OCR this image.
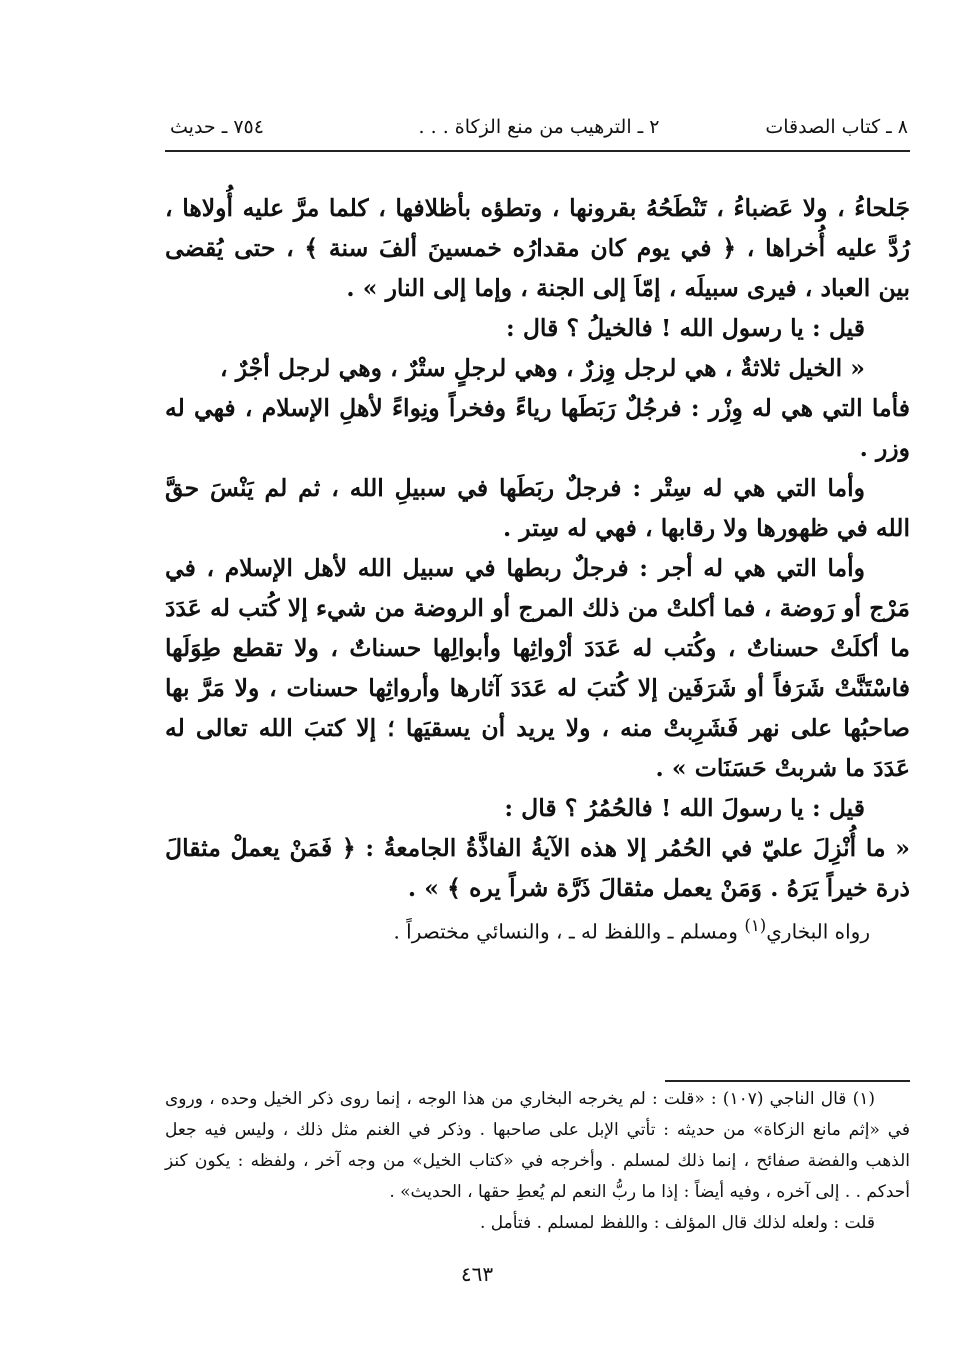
٨ ـ كتاب الصدقات
٢ ـ الترهيب من منع الزكاة . . .
٧٥٤ ـ حديث

جَلحاءُ ، ولا عَضباءُ ، تَنْطَحُهُ بقرونها ، وتطؤه بأظلافها ، كلما مرَّ عليه أُولاها ، رُدَّ عليه أُخراها ، ﴿ في يوم كان مقدارُه خمسينَ ألفَ سنة ﴾ ، حتى يُقضى بين العباد ، فيرى سبيلَه ، إمّاَ إلى الجنة ، وإما إلى النار » .

قيل : يا رسول الله ! فالخيلُ ؟ قال :

« الخيل ثلاثةٌ ، هي لرجل وِزرٌ ، وهي لرجلٍ ستْرٌ ، وهي لرجل أجْرٌ ،

فأما التي هي له وِزْر : فرجُلٌ رَبَطَها رياءً وفخراً ونِواءً لأهلِ الإسلام ، فهي له وزر .

وأما التي هي له سِتْر : فرجلٌ ربَطَها في سبيلِ الله ، ثم لم يَنْسَ حقَّ الله في ظهورها ولا رقابها ، فهي له سِتر .

وأما التي هي له أجر : فرجلٌ ربطها في سبيل الله لأهل الإسلام ، في مَرْج أو رَوضة ، فما أكلتْ من ذلك المرج أو الروضة من شيء إلا كُتب له عَدَدَ ما أكلَتْ حسناتٌ ، وكُتب له عَدَدَ أرْواثِها وأبوالِها حسناتٌ ، ولا تقطع طِوَلَها فاسْتَنَّتْ شَرَفاً أو شَرَفَين إلا كُتبَ له عَدَدَ آثارها وأرواثِها حسنات ، ولا مَرَّ بها صاحبُها على نهر فَشَرِبتْ منه ، ولا يريد أن يسقيَها ؛ إلا كتبَ الله تعالى له عَدَدَ ما شربتْ حَسَنَات » .

قيل : يا رسولَ الله ! فالحُمُرُ ؟ قال :

« ما أُنْزِلَ عليّ في الحُمُر إلا هذه الآيةُ الفاذَّةُ الجامعةُ : ﴿ فَمَنْ يعملْ مثقالَ ذرة خيراً يَرَهُ . وَمَنْ يعمل مثقالَ ذَرَّة شراً يره ﴾ » .

رواه البخاري$^{(١)}$ ومسلم ـ واللفظ له ـ ، والنسائي مختصراً .

(١) قال الناجي (١٠٧) : «قلت : لم يخرجه البخاري من هذا الوجه ، إنما روى ذكر الخيل وحده ، وروى في «إثم مانع الزكاة» من حديثه : تأتي الإبل على صاحبها . وذكر في الغنم مثل ذلك ، وليس فيه جعل الذهب والفضة صفائح ، إنما ذلك لمسلم . وأخرجه في «كتاب الخيل» من وجه آخر ، ولفظه : يكون كنز أحدكم . . إلى آخره ، وفيه أيضاً : إذا ما ربُّ النعم لم يُعطِ حقها ، الحديث» .

قلت : ولعله لذلك قال المؤلف : واللفظ لمسلم . فتأمل .

٤٦٣
